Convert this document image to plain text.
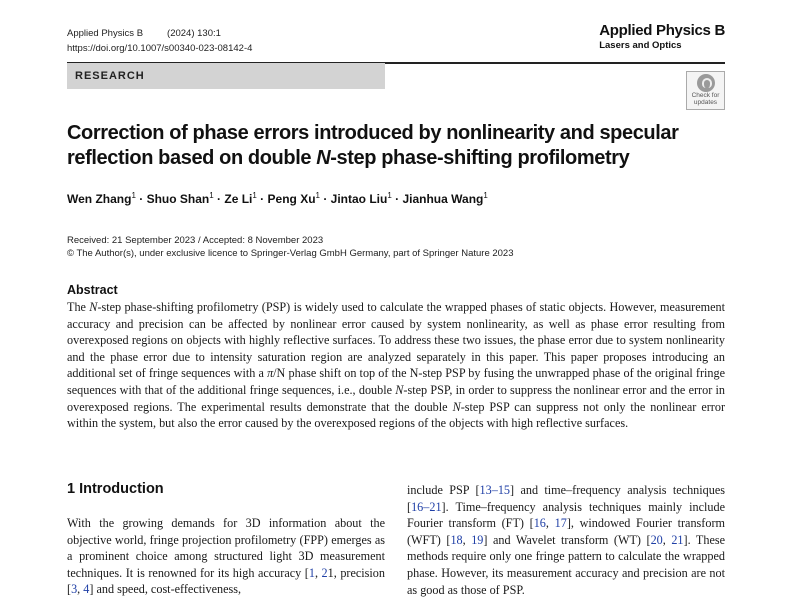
Applied Physics B	(2024) 130:1
https://doi.org/10.1007/s00340-023-08142-4
Applied Physics B
Lasers and Optics
RESEARCH
Check for
updates
Correction of phase errors introduced by nonlinearity and specular
reflection based on double N-step phase-shifting profilometry
Wen Zhang$^1$ · Shuo Shan$^1$ · Ze $Li^1$ · Peng $Xu^1$ · Jintao Liu$^1$ · Jianhua Wang$^1$
Received: 21 September 2023 / Accepted: 8 November 2023
© The Author(s), under exclusive licence to Springer-Verlag GmbH Germany, part of Springer Nature 2023
Abstract
The N-step phase-shifting profilometry (PSP) is widely used to calculate the wrapped phases of static objects. However, measurement accuracy and precision can be affected by nonlinear error caused by system nonlinearity, as well as phase error resulting from overexposed regions on objects with highly reflective surfaces. To address these two issues, the phase error due to system nonlinearity and the phase error due to intensity saturation region are analyzed separately in this paper. This paper proposes introducing an additional set of fringe sequences with a π/N phase shift on top of the N-step PSP by fusing the unwrapped phase of the original fringe sequences with that of the additional fringe sequences, i.e., double N-step PSP, in order to suppress the nonlinear error and the error in overexposed regions. The experimental results demonstrate that the double N-step PSP can suppress not only the nonlinear error within the system, but also the error caused by the overexposed regions of the objects with high reflective surfaces.
1 Introduction
With the growing demands for 3D information about the objective world, fringe projection profilometry (FPP) emerges as a prominent choice among structured light 3D measurement techniques. It is renowned for its high accuracy [1, 21, precision [3, 4] and speed, cost-effectiveness,
include PSP [13–15] and time–frequency analysis techniques [16–21]. Time–frequency analysis techniques mainly include Fourier transform (FT) [16, 17], windowed Fourier transform (WFT) [18, 19] and Wavelet transform (WT) [20, 21]. These methods require only one fringe pattern to calculate the wrapped phase. However, its measurement accuracy and precision are not as good as those of PSP.
